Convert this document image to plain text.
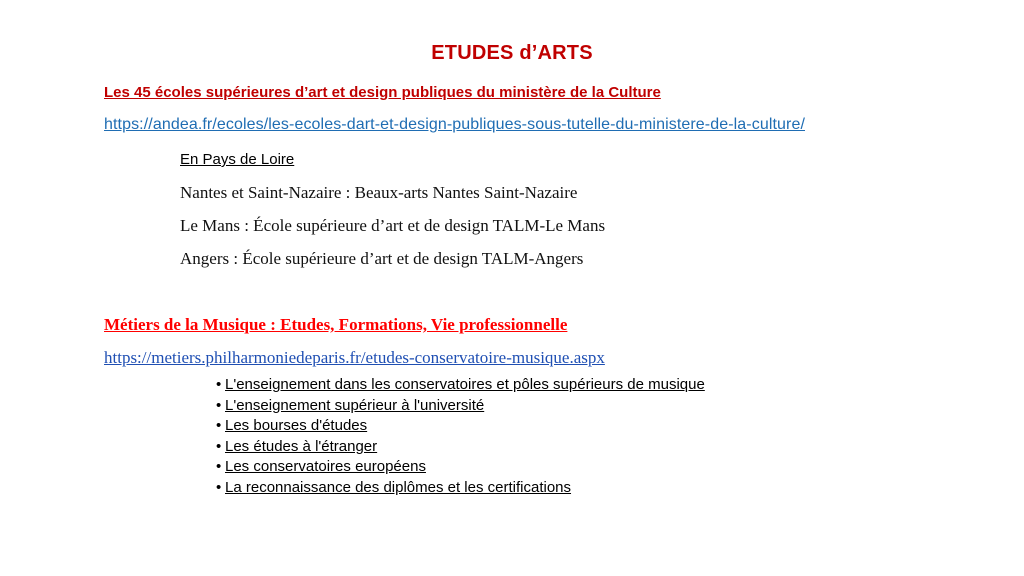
ETUDES d’ARTS
Les 45 écoles supérieures d’art et design publiques du ministère de la Culture
https://andea.fr/ecoles/les-ecoles-dart-et-design-publiques-sous-tutelle-du-ministere-de-la-culture/
En Pays de Loire
Nantes et Saint-Nazaire : Beaux-arts Nantes Saint-Nazaire
Le Mans : École supérieure d’art et de design TALM-Le Mans
Angers : École supérieure d’art et de design TALM-Angers
Métiers de la Musique : Etudes, Formations, Vie professionnelle
https://metiers.philharmoniedeparis.fr/etudes-conservatoire-musique.aspx
• L'enseignement dans les conservatoires et pôles supérieurs de musique
• L'enseignement supérieur à l'université
• Les bourses d'études
• Les études à l'étranger
• Les conservatoires européens
• La reconnaissance des diplômes et les certifications
